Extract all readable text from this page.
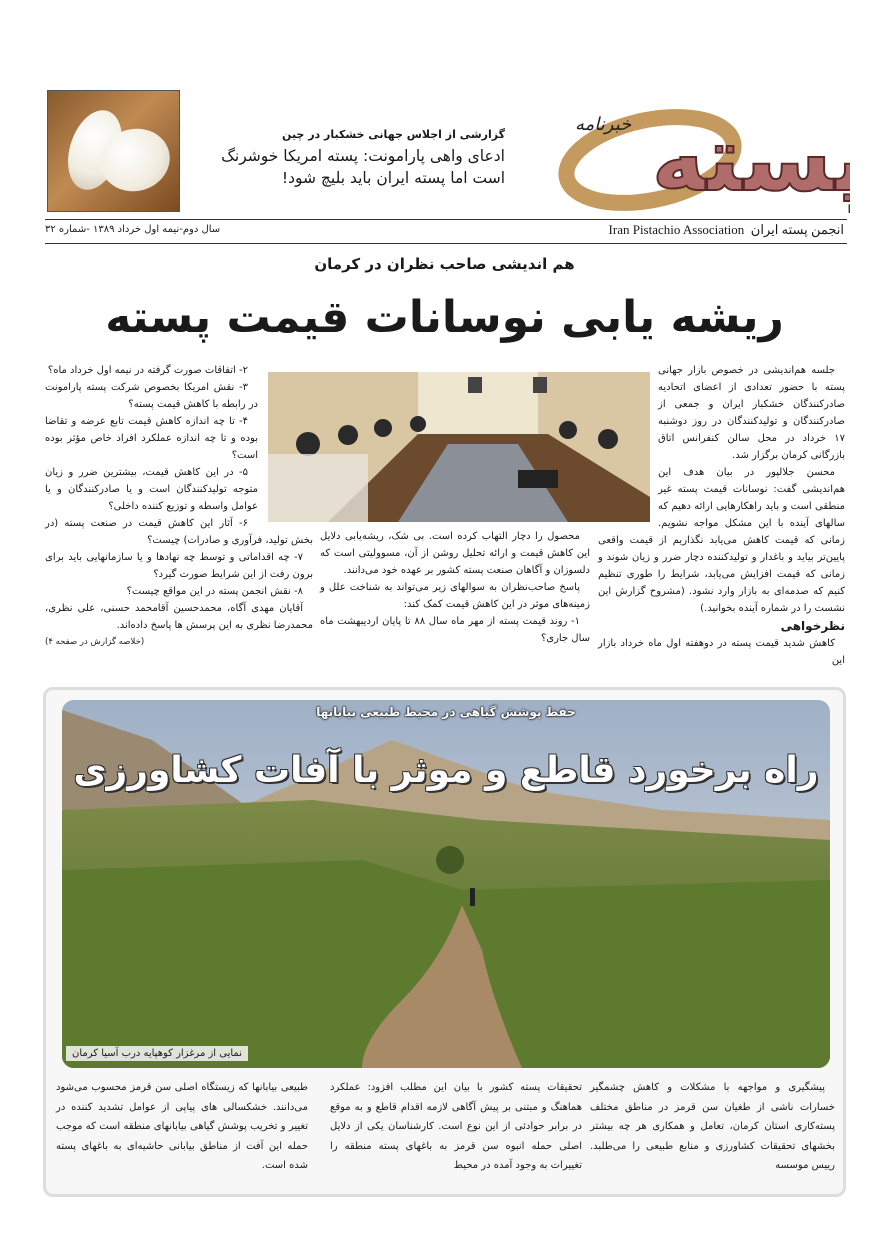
گزارشی از اجلاس جهانی خشکبار در چین
ادعای واهی پارامونت: پسته امریکا خوشرنگ است اما پسته ایران باید بلیچ شود! پسته
خبرنامه
انجمن پسته ایران  Iran Pistachio Association
سال دوم-نیمه اول خرداد ۱۳۸۹ -شماره ۳۲
هم اندیشی صاحب نظران در کرمان
ریشه یابی نوسانات قیمت پسته

جلسه هم‌اندیشی در خصوص بازار جهانی پسته با حضور تعدادی از اعضای اتحادیه صادرکنندگان خشکبار ایران و جمعی از صادرکنندگان و تولیدکنندگان در روز دوشنبه ۱۷ خرداد در محل سالن کنفرانس اتاق بازرگانی کرمان برگزار شد.

محسن جلالپور در بیان هدف این هم‌اندیشی گفت: نوسانات قیمت پسته غیر منطقی است و باید راهکارهایی ارائه دهیم که سالهای آینده با این مشکل مواجه نشویم. زمانی که قیمت کاهش می‌یابد نگذاریم از قیمت واقعی پایین‌تر بیاید و باغدار و تولیدکننده دچار ضرر و زیان شوند و زمانی که قیمت افزایش می‌یابد، شرایط را طوری تنظیم کنیم که صدمه‌ای به بازار وارد نشود. (مشروح گزارش این نشست را در شماره آینده بخوانید.)

نظرخواهی

کاهش شدید قیمت پسته در دوهفته اول ماه خرداد بازار این

محصول را دچار التهاب کرده است. بی شک، ریشه‌یابی دلایل این کاهش قیمت و ارائه تحلیل روشن از آن، مسوولیتی است که دلسوزان و آگاهان صنعت پسته کشور بر عهده خود می‌دانند.

پاسخ صاحب‌نظران به سوالهای زیر می‌تواند به شناخت علل و زمینه‌های موثر در این کاهش قیمت کمک کند:

۱- روند قیمت پسته از مهر ماه سال ۸۸ تا پایان اردیبهشت ماه سال جاری؟

۲- اتفاقات صورت گرفته در نیمه اول خرداد ماه؟

۳- نقش امریکا بخصوص شرکت پسته پارامونت در رابطه با کاهش قیمت پسته؟

۴- تا چه اندازه کاهش قیمت تابع عرضه و تقاضا بوده و تا چه اندازه عملکرد افراد خاص مؤثر بوده است؟

۵- در این کاهش قیمت، بیشترین ضرر و زیان متوجه تولیدکنندگان است و یا صادرکنندگان و یا عوامل واسطه و توزیع کننده داخلی؟

۶- آثار این کاهش قیمت در صنعت پسته (در بخش تولید، فرآوری و صادرات) چیست؟

۷- چه اقداماتی و توسط چه نهادها و یا سازمانهایی باید برای برون رفت از این شرایط صورت گیرد؟

۸- نقش انجمن پسته در این مواقع چیست؟

آقایان مهدی آگاه، محمدحسین آقامحمد حسنی، علی نظری، محمدرضا نظری به این پرسش ها پاسخ داده‌اند.

(خلاصه گزارش در صفحه ۴)
حفظ پوشش گیاهی در محیط طبیعی بیابانها
راه برخورد قاطع و موثر با آفات کشاورزی
نمایی از مرغزار کوهپایه درب آسیا کرمان

پیشگیری و مواجهه با مشکلات و کاهش چشمگیر خسارات ناشی از طغیان سن قرمز در مناطق مختلف پسته‌کاری استان کرمان، تعامل و همکاری هر چه بیشتر بخشهای تحقیقات کشاورزی و منابع طبیعی را می‌طلبد. رییس موسسه

تحقیقات پسته کشور با بیان این مطلب افزود: عملکرد هماهنگ و مبتنی بر پیش آگاهی لازمه اقدام قاطع و به موقع در برابر حوادثی از این نوع است. کارشناسان یکی از دلایل اصلی حمله انبوه سن قرمز به باغهای پسته منطقه را تغییرات به وجود آمده در محیط

طبیعی بیابانها که زیستگاه اصلی سن قرمز محسوب می‌شود می‌دانند. خشکسالی های پیاپی از عوامل تشدید کننده در تغییر و تخریب پوشش گیاهی بیابانهای منطقه است که موجب حمله این آفت از مناطق بیابانی حاشیه‌ای به باغهای پسته شده است.
